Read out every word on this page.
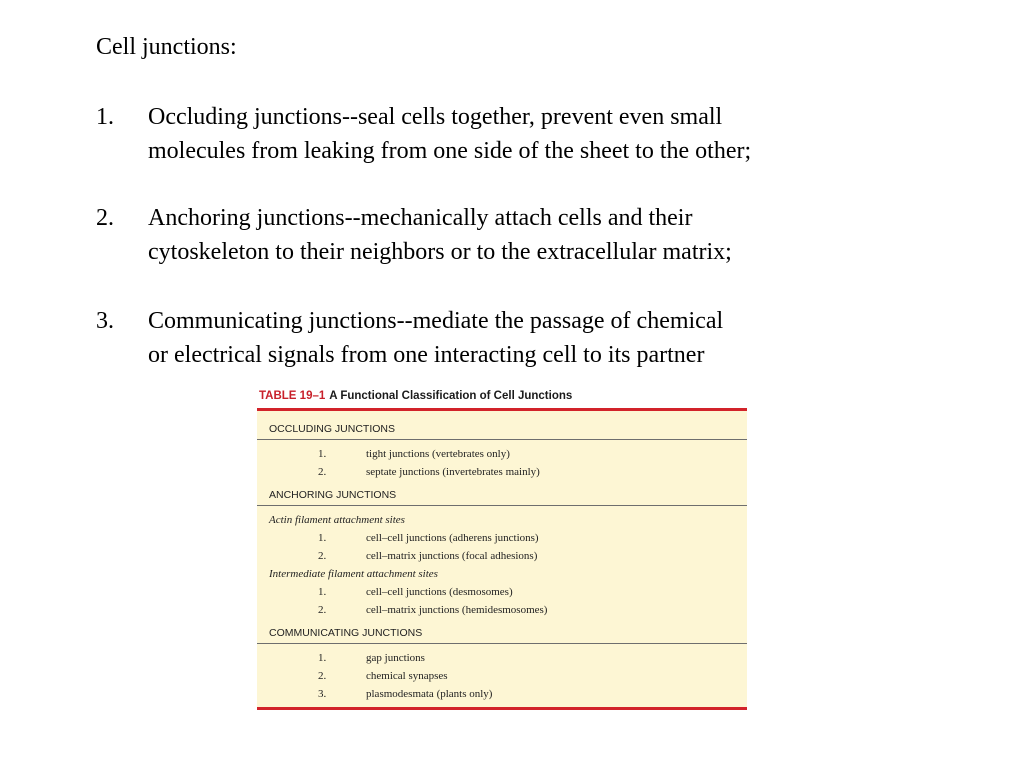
Cell junctions:
1. Occluding junctions--seal cells together, prevent even small
molecules from leaking from one side of the sheet to the other;
2. Anchoring junctions--mechanically attach cells and their
cytoskeleton to their neighbors or to the extracellular matrix;
3. Communicating junctions--mediate the passage of chemical
or electrical signals from one interacting cell to its partner
TABLE 19–1 A Functional Classification of Cell Junctions
OCCLUDING JUNCTIONS
1.	tight junctions (vertebrates only)
2.	septate junctions (invertebrates mainly)
ANCHORING JUNCTIONS
Actin filament attachment sites
1.	cell–cell junctions (adherens junctions)
2.	cell–matrix junctions (focal adhesions)
Intermediate filament attachment sites
1.	cell–cell junctions (desmosomes)
2.	cell–matrix junctions (hemidesmosomes)
COMMUNICATING JUNCTIONS
1.	gap junctions
2.	chemical synapses
3.	plasmodesmata (plants only)
